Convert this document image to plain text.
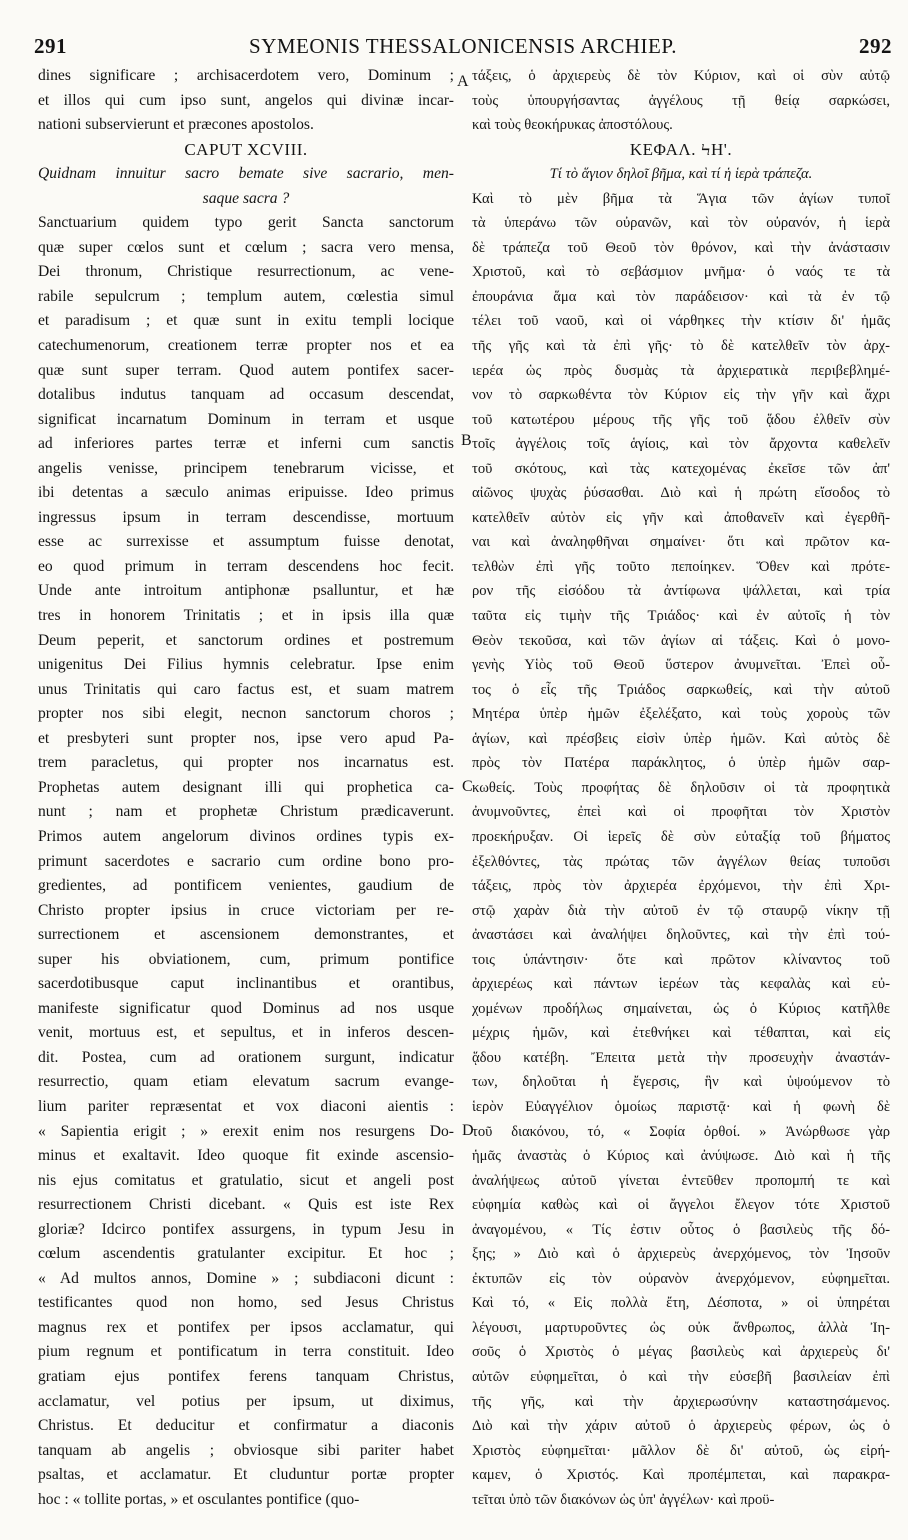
291	SYMEONIS THESSALONICENSIS ARCHIEP.	292
dines significare ; archisacerdotem vero, Dominum ;
et illos qui cum ipso sunt, angelos qui divinæ incar-
nationi subservierunt et præcones apostolos.
CAPUT XCVIII.
Quidnam innuitur sacro bemate sive sacrario, men-
saque sacra ?
Sanctuarium quidem typo gerit Sancta sanctorum
quæ super cœlos sunt et cœlum ; sacra vero mensa,
Dei thronum, Christique resurrectionum, ac vene-
rabile sepulcrum ; templum autem, cœlestia simul
et paradisum ; et quæ sunt in exitu templi locique
catechumenorum, creationem terræ propter nos et ea
quæ sunt super terram. Quod autem pontifex sacer-
dotalibus indutus tanquam ad occasum descendat,
significat incarnatum Dominum in terram et usque
ad inferiores partes terræ et inferni cum sanctis
angelis venisse, principem tenebrarum vicisse, et
ibi detentas a sæculo animas eripuisse. Ideo primus
ingressus ipsum in terram descendisse, mortuum
esse ac surrexisse et assumptum fuisse denotat,
eo quod primum in terram descendens hoc fecit.
Unde ante introitum antiphonæ psalluntur, et hæ
tres in honorem Trinitatis ; et in ipsis illa quæ
Deum peperit, et sanctorum ordines et postremum
unigenitus Dei Filius hymnis celebratur. Ipse enim
unus Trinitatis qui caro factus est, et suam matrem
propter nos sibi elegit, necnon sanctorum choros ;
et presbyteri sunt propter nos, ipse vero apud Pa-
trem paracletus, qui propter nos incarnatus est.
Prophetas autem designant illi qui prophetica ca-
nunt ; nam et prophetæ Christum prædicaverunt.
Primos autem angelorum divinos ordines typis ex-
primunt sacerdotes e sacrario cum ordine bono pro-
gredientes, ad pontificem venientes, gaudium de
Christo propter ipsius in cruce victoriam per re-
surrectionem et ascensionem demonstrantes, et
super his obviationem, cum, primum pontifice
sacerdotibusque caput inclinantibus et orantibus,
manifeste significatur quod Dominus ad nos usque
venit, mortuus est, et sepultus, et in inferos descen-
dit. Postea, cum ad orationem surgunt, indicatur
resurrectio, quam etiam elevatum sacrum evange-
lium pariter repræsentat et vox diaconi aientis :
« Sapientia erigit ; » erexit enim nos resurgens Do-
minus et exaltavit. Ideo quoque fit exinde ascensio-
nis ejus comitatus et gratulatio, sicut et angeli post
resurrectionem Christi dicebant. « Quis est iste Rex
gloriæ? Idcirco pontifex assurgens, in typum Jesu in
cœlum ascendentis gratulanter excipitur. Et hoc ;
« Ad multos annos, Domine » ; subdiaconi dicunt :
testificantes quod non homo, sed Jesus Christus
magnus rex et pontifex per ipsos acclamatur, qui
pium regnum et pontificatum in terra constituit. Ideo
gratiam ejus pontifex ferens tanquam Christus,
acclamatur, vel potius per ipsum, ut diximus,
Christus. Et deducitur et confirmatur a diaconis
tanquam ab angelis ; obviosque sibi pariter habet
psaltas, et acclamatur. Et cluduntur portæ propter
hoc : « tollite portas, » et osculantes pontifice (quo-
τάξεις, ὁ ἀρχιερεὺς δὲ τὸν Κύριον, καὶ οἱ σὺν αὐτῷ
τοὺς ὑπουργήσαντας ἀγγέλους τῇ θείᾳ σαρκώσει,
καὶ τοὺς θεοκήρυκας ἀποστόλους.
ΚΕΦΑΛ. ϞΗ'.
Τί τὸ ἅγιον δηλοῖ βῆμα, καὶ τί ἡ ἱερὰ τράπεζα.
Καὶ τὸ μὲν βῆμα τὰ Ἅγια τῶν ἁγίων τυποῖ
τὰ ὑπεράνω τῶν οὐρανῶν, καὶ τὸν οὐρανόν, ἡ ἱερὰ
δὲ τράπεζα τοῦ Θεοῦ τὸν θρόνον, καὶ τὴν ἀνάστασιν
Χριστοῦ, καὶ τὸ σεβάσμιον μνῆμα· ὁ ναός τε τὰ
ἐπουράνια ἅμα καὶ τὸν παράδεισον· καὶ τὰ ἐν τῷ
τέλει τοῦ ναοῦ, καὶ οἱ νάρθηκες τὴν κτίσιν δι' ἡμᾶς
τῆς γῆς καὶ τὰ ἐπὶ γῆς· τὸ δὲ κατελθεῖν τὸν ἀρχ-
ιερέα ὡς πρὸς δυσμὰς τὰ ἀρχιερατικὰ περιβεβλημέ-
νον τὸ σαρκωθέντα τὸν Κύριον εἰς τὴν γῆν καὶ ἄχρι
τοῦ κατωτέρου μέρους τῆς γῆς τοῦ ᾅδου ἐλθεῖν σὺν
τοῖς ἀγγέλοις τοῖς ἁγίοις, καὶ τὸν ἄρχοντα καθελεῖν
τοῦ σκότους, καὶ τὰς κατεχομένας ἐκεῖσε τῶν ἀπ'
αἰῶνος ψυχὰς ῥύσασθαι. Διὸ καὶ ἡ πρώτη εἴσοδος τὸ
κατελθεῖν αὐτὸν εἰς γῆν καὶ ἀποθανεῖν καὶ ἐγερθῆ-
ναι καὶ ἀναληφθῆναι σημαίνει· ὅτι καὶ πρῶτον κα-
τελθὼν ἐπὶ γῆς τοῦτο πεποίηκεν. Ὅθεν καὶ πρότε-
ρον τῆς εἰσόδου τὰ ἀντίφωνα ψάλλεται, καὶ τρία
ταῦτα εἰς τιμὴν τῆς Τριάδος· καὶ ἐν αὐτοῖς ἡ τὸν
Θεὸν τεκοῦσα, καὶ τῶν ἁγίων αἱ τάξεις. Καὶ ὁ μονο-
γενὴς Υἱὸς τοῦ Θεοῦ ὕστερον ἀνυμνεῖται. Ἐπεὶ οὗ-
τος ὁ εἷς τῆς Τριάδος σαρκωθείς, καὶ τὴν αὐτοῦ
Μητέρα ὑπὲρ ἡμῶν ἐξελέξατο, καὶ τοὺς χοροὺς τῶν
ἁγίων, καὶ πρέσβεις εἰσὶν ὑπὲρ ἡμῶν. Καὶ αὐτὸς δὲ
πρὸς τὸν Πατέρα παράκλητος, ὁ ὑπὲρ ἡμῶν σαρ-
κωθείς. Τοὺς προφήτας δὲ δηλοῦσιν οἱ τὰ προφητικὰ
ἀνυμνοῦντες, ἐπεὶ καὶ οἱ προφῆται τὸν Χριστὸν
προεκήρυξαν. Οἱ ἱερεῖς δὲ σὺν εὐταξίᾳ τοῦ βήματος
ἐξελθόντες, τὰς πρώτας τῶν ἀγγέλων θείας τυποῦσι
τάξεις, πρὸς τὸν ἀρχιερέα ἐρχόμενοι, τὴν ἐπὶ Χρι-
στῷ χαρὰν διὰ τὴν αὐτοῦ ἐν τῷ σταυρῷ νίκην τῇ
ἀναστάσει καὶ ἀναλήψει δηλοῦντες, καὶ τὴν ἐπὶ τού-
τοις ὑπάντησιν· ὅτε καὶ πρῶτον κλίναντος τοῦ
ἀρχιερέως καὶ πάντων ἱερέων τὰς κεφαλὰς καὶ εὐ-
χομένων προδήλως σημαίνεται, ὡς ὁ Κύριος κατῆλθε
μέχρις ἡμῶν, καὶ ἐτεθνήκει καὶ τέθαπται, καὶ εἰς
ᾅδου κατέβη. Ἔπειτα μετὰ τὴν προσευχὴν ἀναστάν-
των, δηλοῦται ἡ ἔγερσις, ἣν καὶ ὑψούμενον τὸ
ἱερὸν Εὐαγγέλιον ὁμοίως παριστᾷ· καὶ ἡ φωνὴ δὲ
τοῦ διακόνου, τό, « Σοφία ὀρθοί. » Ἀνώρθωσε γὰρ
ἡμᾶς ἀναστὰς ὁ Κύριος καὶ ἀνύψωσε. Διὸ καὶ ἡ τῆς
ἀναλήψεως αὐτοῦ γίνεται ἐντεῦθεν προπομπή τε καὶ
εὐφημία καθὼς καὶ οἱ ἄγγελοι ἔλεγον τότε Χριστοῦ
ἀναγομένου, « Τίς ἐστιν οὗτος ὁ βασιλεὺς τῆς δό-
ξης; » Διὸ καὶ ὁ ἀρχιερεὺς ἀνερχόμενος, τὸν Ἰησοῦν
ἐκτυπῶν εἰς τὸν οὐρανὸν ἀνερχόμενον, εὐφημεῖται.
Καὶ τό, « Εἰς πολλὰ ἔτη, Δέσποτα, » οἱ ὑπηρέται
λέγουσι, μαρτυροῦντες ὡς οὐκ ἄνθρωπος, ἀλλὰ Ἰη-
σοῦς ὁ Χριστὸς ὁ μέγας βασιλεὺς καὶ ἀρχιερεὺς δι'
αὐτῶν εὐφημεῖται, ὁ καὶ τὴν εὐσεβῆ βασιλείαν ἐπὶ
τῆς γῆς, καὶ τὴν ἀρχιερωσύνην καταστησάμενος.
Διὸ καὶ τὴν χάριν αὐτοῦ ὁ ἀρχιερεὺς φέρων, ὡς ὁ
Χριστὸς εὐφημεῖται· μᾶλλον δὲ δι' αὐτοῦ, ὡς εἰρή-
καμεν, ὁ Χριστός. Καὶ προπέμπεται, καὶ παρακρα-
τεῖται ὑπὸ τῶν διακόνων ὡς ὑπ' ἀγγέλων· καὶ προϋ-
A
B
C
D
